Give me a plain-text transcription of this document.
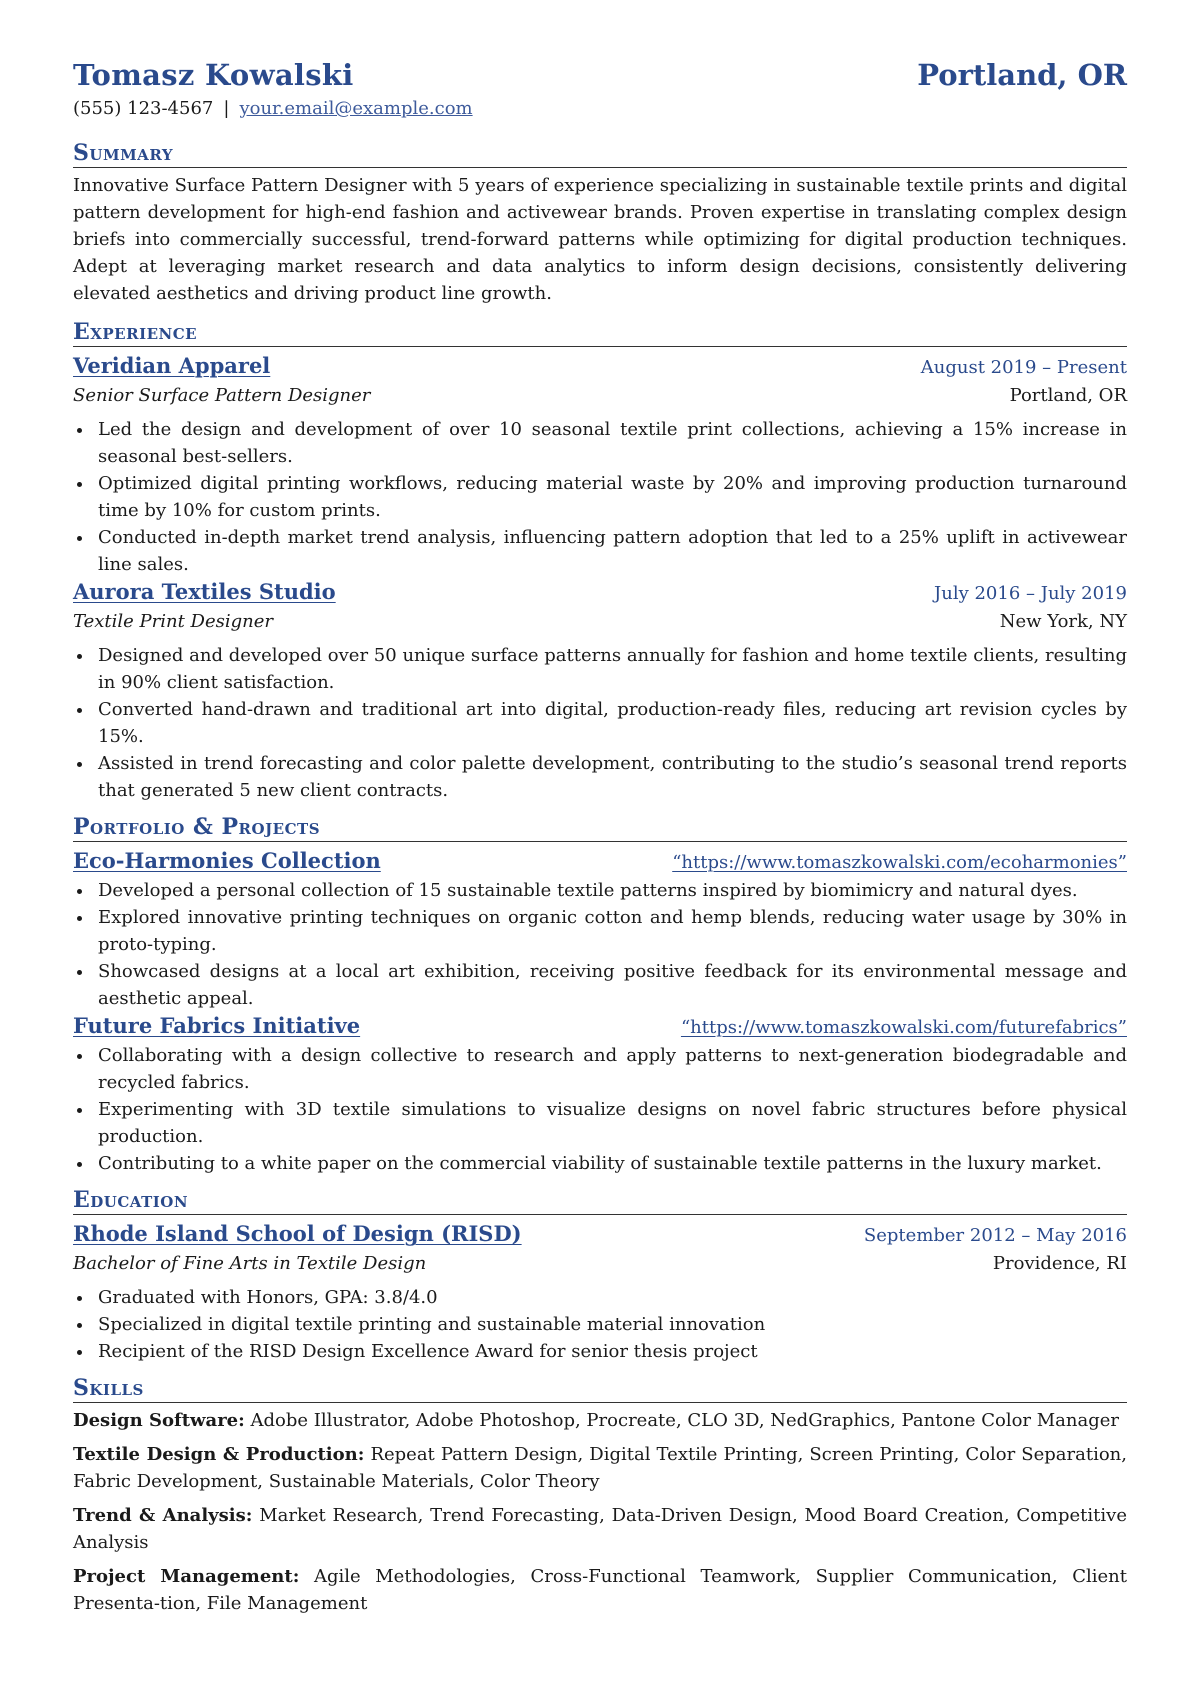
Tomasz Kowalski	Portland, OR
(555) 123-4567 | your.email@example.com
Summary

Innovative Surface Pattern Designer with 5 years of experience specializing in sustainable textile prints and digital pattern development for high-end fashion and activewear brands. Proven expertise in translating complex design briefs into commercially successful, trend-forward patterns while optimizing for digital production techniques. Adept at leveraging market research and data analytics to inform design decisions, consistently delivering elevated aesthetics and driving product line growth.

Experience
Veridian Apparel	August 2019 – Present
Senior Surface Pattern Designer	Portland, OR
Led the design and development of over 10 seasonal textile print collections, achieving a 15% increase in seasonal best-sellers.
Optimized digital printing workflows, reducing material waste by 20% and improving production turnaround time by 10% for custom prints.
Conducted in-depth market trend analysis, influencing pattern adoption that led to a 25% uplift in activewear line sales.
Aurora Textiles Studio	July 2016 – July 2019
Textile Print Designer	New York, NY
Designed and developed over 50 unique surface patterns annually for fashion and home textile clients, resulting in 90% client satisfaction.
Converted hand-drawn and traditional art into digital, production-ready files, reducing art revision cycles by 15%.
Assisted in trend forecasting and color palette development, contributing to the studio’s seasonal trend reports that generated 5 new client contracts.
Portfolio & Projects
Eco-Harmonies Collection	“https://www.tomaszkowalski.com/ecoharmonies”
Developed a personal collection of 15 sustainable textile patterns inspired by biomimicry and natural dyes.
Explored innovative printing techniques on organic cotton and hemp blends, reducing water usage by 30% in proto-typing.
Showcased designs at a local art exhibition, receiving positive feedback for its environmental message and aesthetic appeal.
Future Fabrics Initiative	“https://www.tomaszkowalski.com/futurefabrics”
Collaborating with a design collective to research and apply patterns to next-generation biodegradable and recycled fabrics.
Experimenting with 3D textile simulations to visualize designs on novel fabric structures before physical production.
Contributing to a white paper on the commercial viability of sustainable textile patterns in the luxury market.
Education
Rhode Island School of Design (RISD)	September 2012 – May 2016
Bachelor of Fine Arts in Textile Design	Providence, RI
Graduated with Honors, GPA: 3.8/4.0
Specialized in digital textile printing and sustainable material innovation
Recipient of the RISD Design Excellence Award for senior thesis project
Skills
Design Software: Adobe Illustrator, Adobe Photoshop, Procreate, CLO 3D, NedGraphics, Pantone Color Manager
Textile Design & Production: Repeat Pattern Design, Digital Textile Printing, Screen Printing, Color Separation, Fabric Development, Sustainable Materials, Color Theory
Trend & Analysis: Market Research, Trend Forecasting, Data-Driven Design, Mood Board Creation, Competitive Analysis
Project Management: Agile Methodologies, Cross-Functional Teamwork, Supplier Communication, Client Presenta-tion, File Management
